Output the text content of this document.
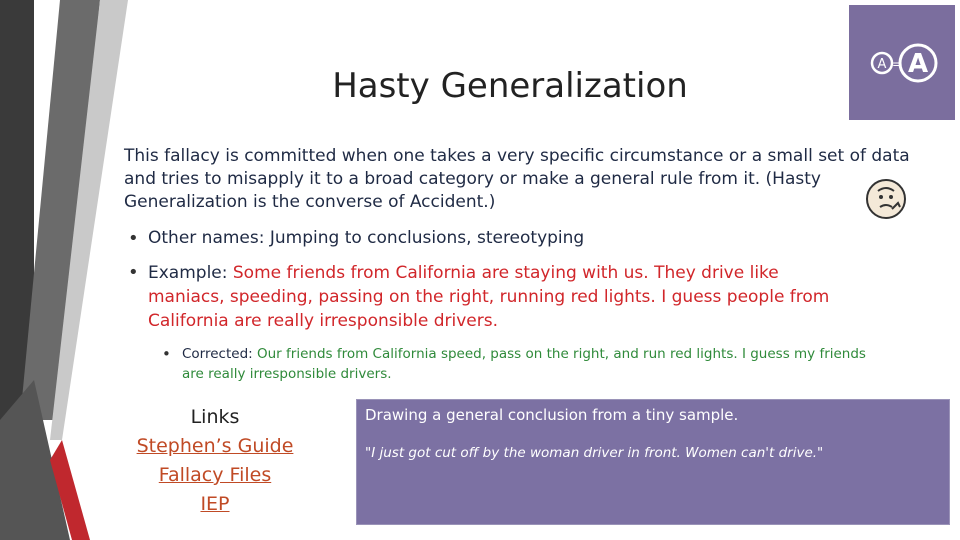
Hasty Generalization
A = A
This fallacy is committed when one takes a very specific circumstance or a small set of data and tries to misapply it to a broad category or make a general rule from it. (Hasty Generalization is the converse of Accident.)
• Other names: Jumping to conclusions, stereotyping
• Example: Some friends from California are staying with us. They drive like maniacs, speeding, passing on the right, running red lights. I guess people from California are really irresponsible drivers.
• Corrected: Our friends from California speed, pass on the right, and run red lights. I guess my friends are really irresponsible drivers.
Links
Stephen’s Guide
Fallacy Files
IEP
Drawing a general conclusion from a tiny sample.
"I just got cut off by the woman driver in front. Women can't drive."
